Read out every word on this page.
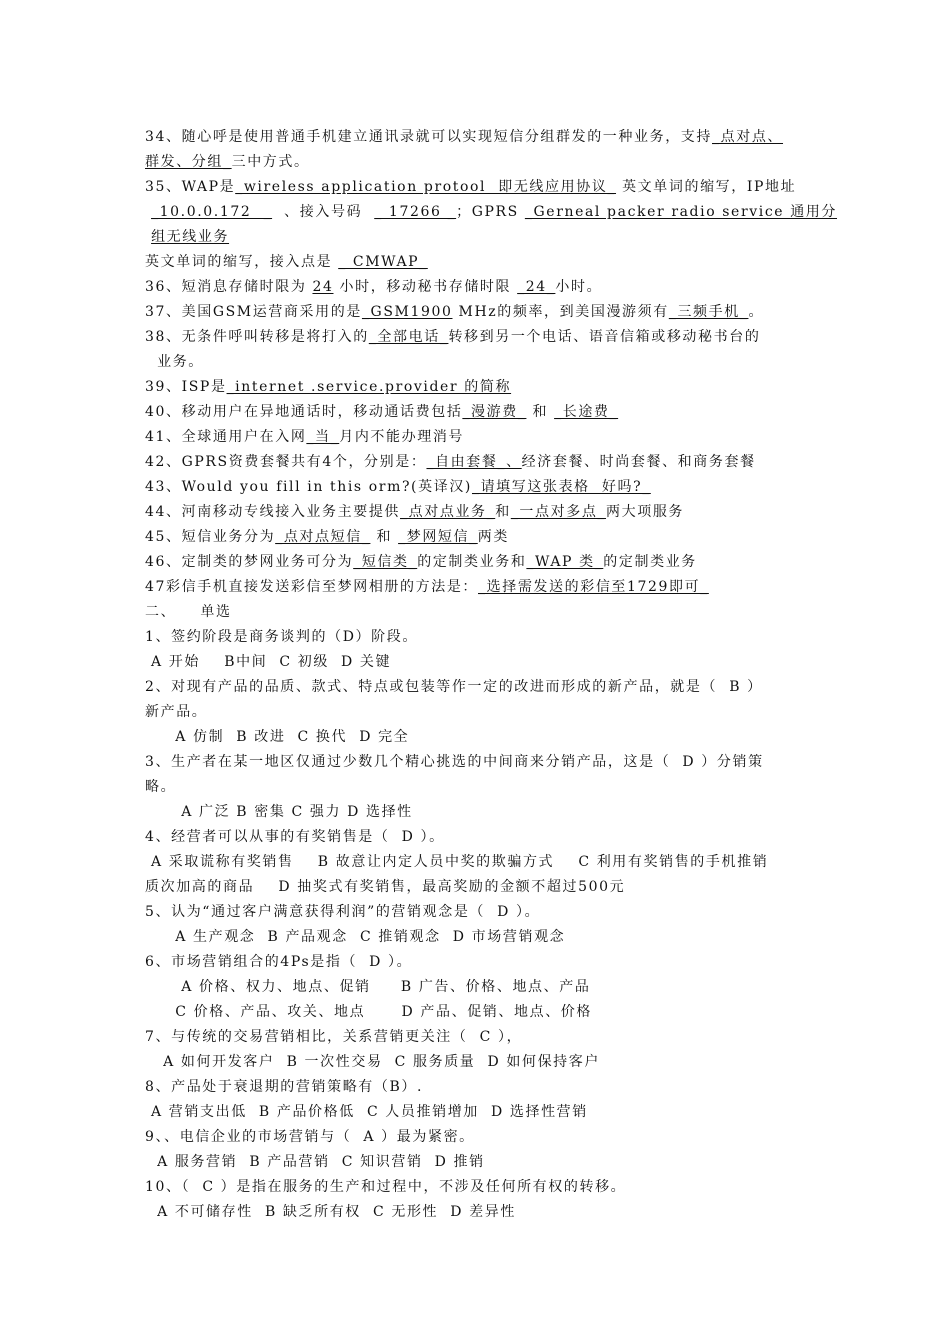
34、随心呼是使用普通手机建立通讯录就可以实现短信分组群发的一种业务，支持_点对点、
群发、分组_三中方式。
35、WAP是_wireless application protool  即无线应用协议_ 英文单词的缩写，IP地址
_10.0.0.172  _  、接入号码  _ 17266 _；GPRS _Gerneal packer radio service 通用分
组无线业务
英文单词的缩写，接入点是 _ CMWAP_
36、短消息存储时限为 24 小时，移动秘书存储时限 _24_小时。
37、美国GSM运营商采用的是_GSM1900 MHz的频率，到美国漫游须有_三频手机_。
38、无条件呼叫转移是将打入的_全部电话_转移到另一个电话、语音信箱或移动秘书台的
业务。
39、ISP是_internet .service.provider 的简称
40、移动用户在异地通话时，移动通话费包括_漫游费_ 和 _长途费_
41、全球通用户在入网_当_月内不能办理消号
42、GPRS资费套餐共有4个，分别是：_自由套餐_、经济套餐、时尚套餐、和商务套餐
43、Would you fill in this orm?(英译汉)_请填写这张表格  好吗?_
44、河南移动专线接入业务主要提供_点对点业务_和_一点对多点_两大项服务
45、短信业务分为_点对点短信_ 和 _梦网短信_两类
46、定制类的梦网业务可分为_短信类_的定制类业务和_WAP 类_的定制类业务
47彩信手机直接发送彩信至梦网相册的方法是：_选择需发送的彩信至1729即可_
二、    单选
1、签约阶段是商务谈判的（D）阶段。
A 开始    B中间  C 初级  D 关键
2、对现有产品的品质、款式、特点或包装等作一定的改进而形成的新产品，就是（  B ）
新产品。
A 仿制  B 改进  C 换代  D 完全
3、生产者在某一地区仅通过少数几个精心挑选的中间商来分销产品，这是（  D ）分销策
略。
A 广泛 B 密集 C 强力 D 选择性
4、经营者可以从事的有奖销售是（  D ）。
A 采取谎称有奖销售    B 故意让内定人员中奖的欺骗方式    C 利用有奖销售的手机推销
质次加高的商品    D 抽奖式有奖销售，最高奖励的金额不超过500元
5、认为“通过客户满意获得利润”的营销观念是（  D ）。
A 生产观念  B 产品观念  C 推销观念  D 市场营销观念
6、市场营销组合的4Ps是指（  D ）。
A 价格、权力、地点、促销     B 广告、价格、地点、产品
C 价格、产品、攻关、地点      D 产品、促销、地点、价格
7、与传统的交易营销相比，关系营销更关注（  C ），
A 如何开发客户  B 一次性交易  C 服务质量  D 如何保持客户
8、产品处于衰退期的营销策略有（B）.
A 营销支出低  B 产品价格低  C 人员推销增加  D 选择性营销
9、、电信企业的市场营销与（  A ）最为紧密。
A 服务营销  B 产品营销  C 知识营销  D 推销
10、（  C ）是指在服务的生产和过程中，不涉及任何所有权的转移。
A 不可储存性  B 缺乏所有权  C 无形性  D 差异性
